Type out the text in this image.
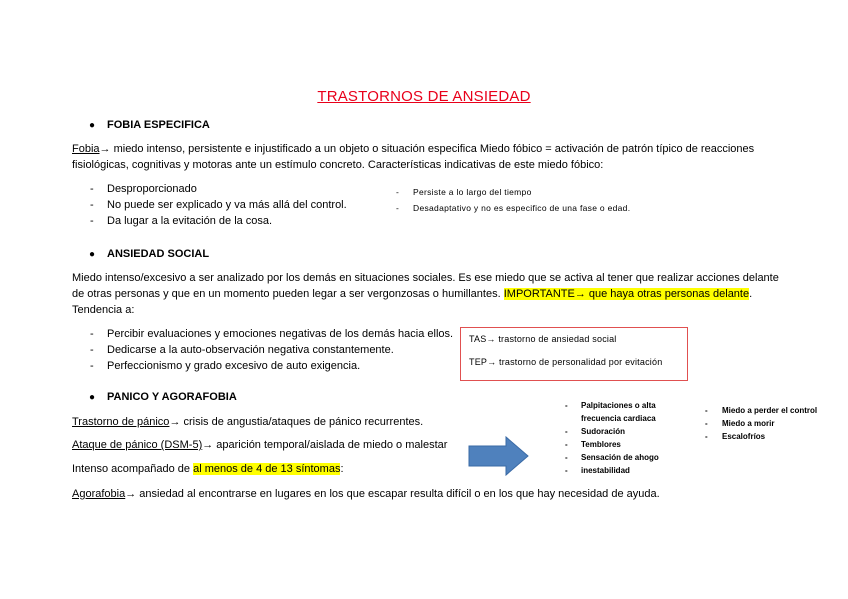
TRASTORNOS DE ANSIEDAD
● FOBIA ESPECIFICA
Fobia→ miedo intenso, persistente e injustificado a un objeto o situación especifica Miedo fóbico = activación de patrón típico de reacciones
fisiológicas, cognitivas y motoras ante un estímulo concreto. Características indicativas de este miedo fóbico:
- Desproporcionado
- No puede ser explicado y va más allá del control.
- Da lugar a la evitación de la cosa.
- Persiste a lo largo del tiempo
- Desadaptativo y no es especifico de una fase o edad.
● ANSIEDAD SOCIAL
Miedo intenso/excesivo a ser analizado por los demás en situaciones sociales. Es ese miedo que se activa al tener que realizar acciones delante
de otras personas y que en un momento pueden legar a ser vergonzosas o humillantes. IMPORTANTE→ que haya otras personas delante.
Tendencia a:
- Percibir evaluaciones y emociones negativas de los demás hacia ellos.
- Dedicarse a la auto-observación negativa constantemente.
- Perfeccionismo y grado excesivo de auto exigencia.
TAS→ trastorno de ansiedad social
TEP→ trastorno de personalidad por evitación
● PANICO Y AGORAFOBIA
Trastorno de pánico→ crisis de angustia/ataques de pánico recurrentes.
Ataque de pánico (DSM-5)→ aparición temporal/aislada de miedo o malestar
Intenso acompañado de al menos de 4 de 13 síntomas:
Agorafobia→ ansiedad al encontrarse en lugares en los que escapar resulta difícil o en los que hay necesidad de ayuda.
- Palpitaciones o alta
frecuencia cardiaca
- Sudoración
- Temblores
- Sensación de ahogo
- inestabilidad
- Miedo a perder el control
- Miedo a morir
- Escalofríos
